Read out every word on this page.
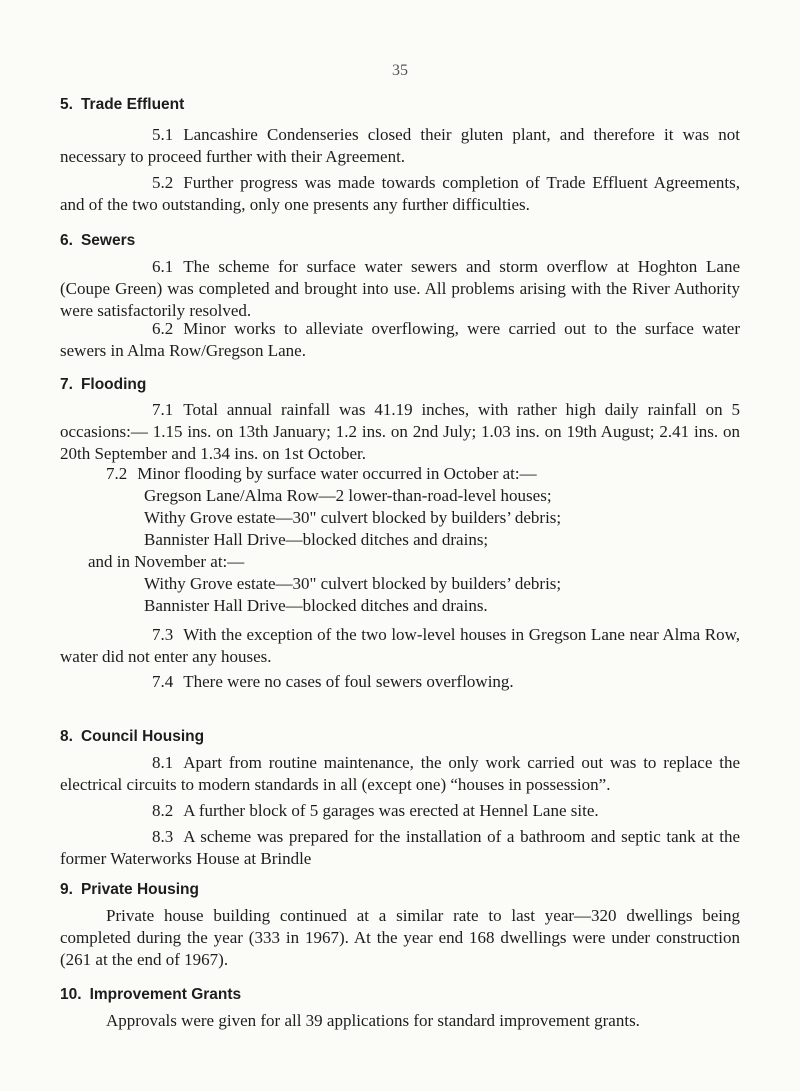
35
5. Trade Effluent

5.1 Lancashire Condenseries closed their gluten plant, and therefore it was not necessary to proceed further with their Agreement.

5.2 Further progress was made towards completion of Trade Effluent Agreements, and of the two outstanding, only one presents any further difficulties.

6. Sewers

6.1 The scheme for surface water sewers and storm overflow at Hoghton Lane (Coupe Green) was completed and brought into use. All problems arising with the River Authority were satisfactorily resolved.

6.2 Minor works to alleviate overflowing, were carried out to the surface water sewers in Alma Row/Gregson Lane.

7. Flooding

7.1 Total annual rainfall was 41.19 inches, with rather high daily rainfall on 5 occasions:— 1.15 ins. on 13th January; 1.2 ins. on 2nd July; 1.03 ins. on 19th August; 2.41 ins. on 20th September and 1.34 ins. on 1st October.

7.2 Minor flooding by surface water occurred in October at:—

Gregson Lane/Alma Row—2 lower-than-road-level houses;

Withy Grove estate—30" culvert blocked by builders’ debris;

Bannister Hall Drive—blocked ditches and drains;

and in November at:—

Withy Grove estate—30" culvert blocked by builders’ debris;

Bannister Hall Drive—blocked ditches and drains.

7.3 With the exception of the two low-level houses in Gregson Lane near Alma Row, water did not enter any houses.

7.4 There were no cases of foul sewers overflowing.

8. Council Housing

8.1 Apart from routine maintenance, the only work carried out was to replace the electrical circuits to modern standards in all (except one) “houses in possession”.

8.2 A further block of 5 garages was erected at Hennel Lane site.

8.3 A scheme was prepared for the installation of a bathroom and septic tank at the former Waterworks House at Brindle

9. Private Housing

Private house building continued at a similar rate to last year—320 dwellings being completed during the year (333 in 1967). At the year end 168 dwellings were under construction (261 at the end of 1967).

10. Improvement Grants

Approvals were given for all 39 applications for standard improvement grants.
